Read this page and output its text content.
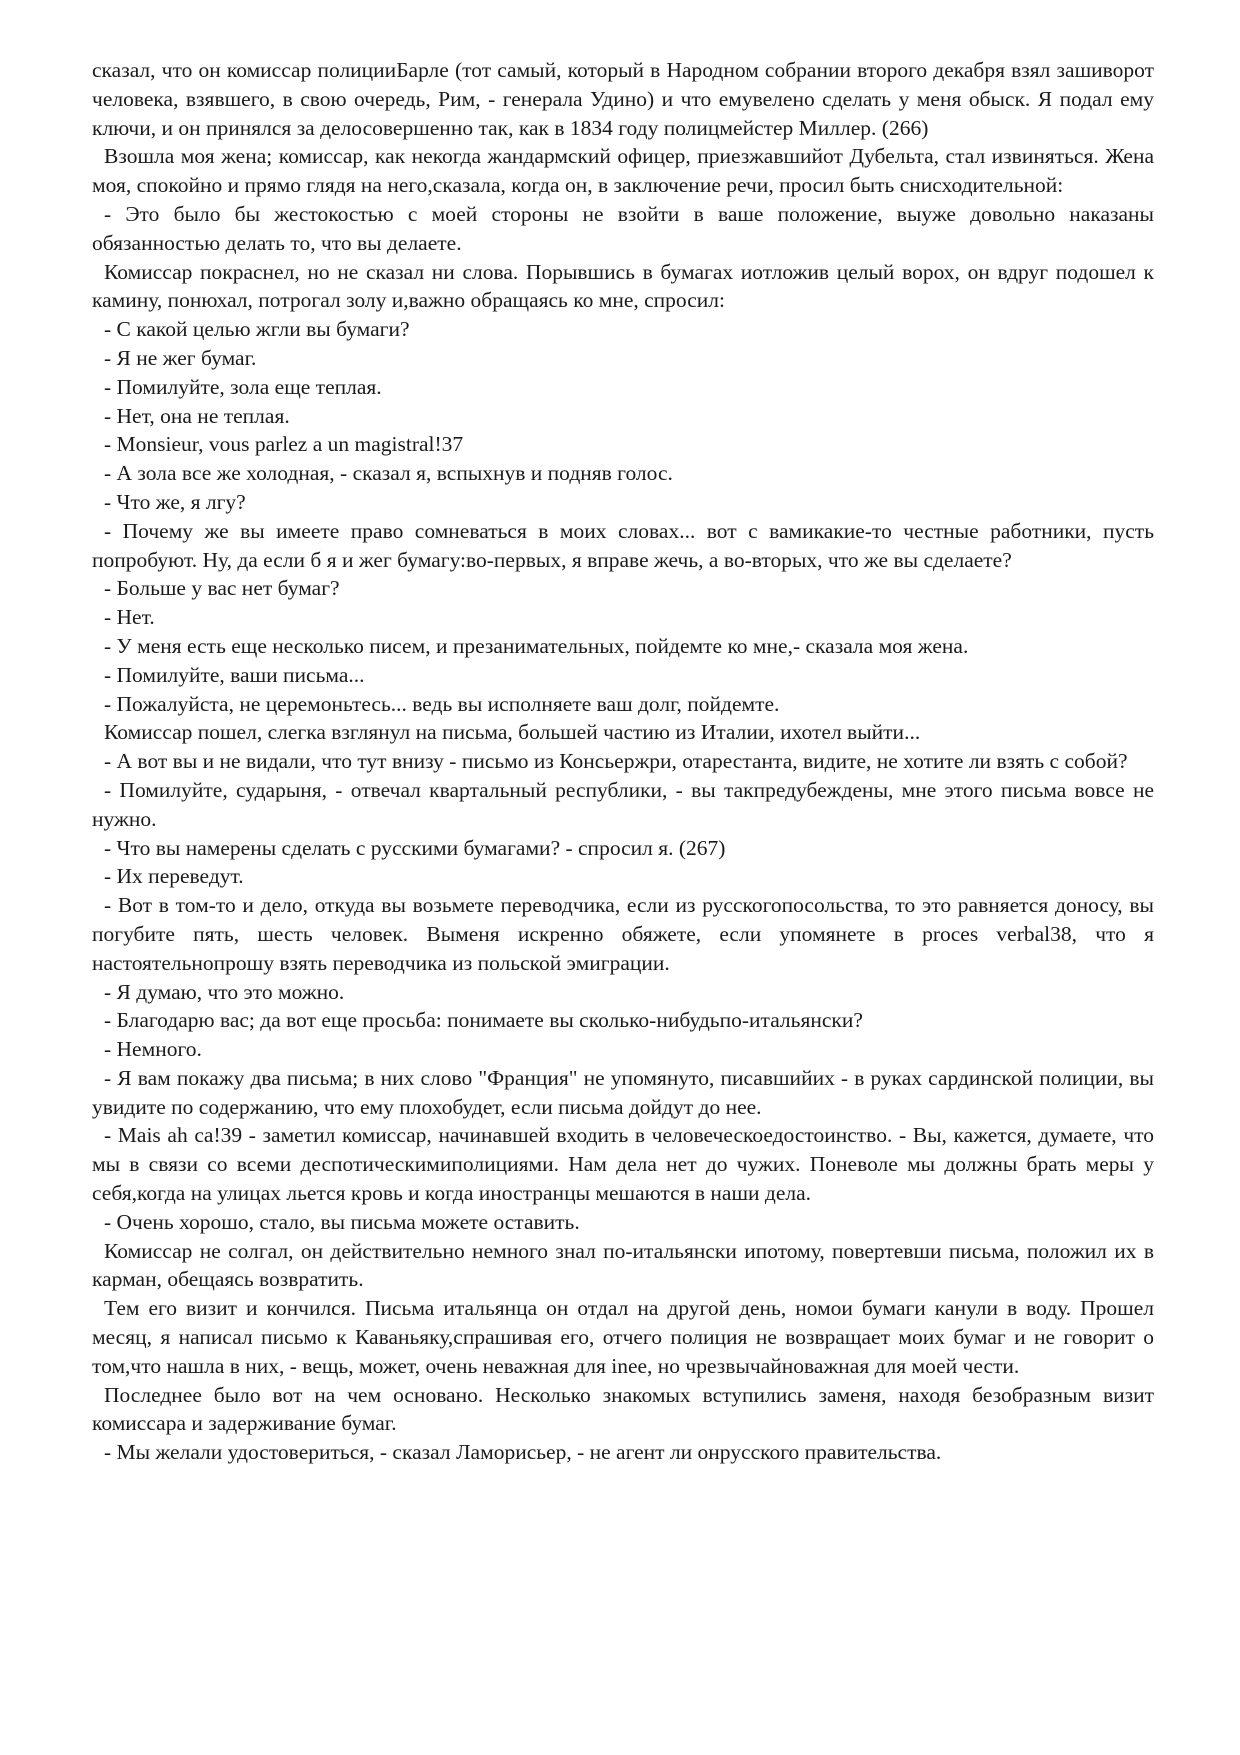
сказал, что он комиссар полицииБарле (тот самый, который в Народном собрании второго декабря взял зашиворот человека, взявшего, в свою очередь, Рим, - генерала Удино) и что емувелено сделать у меня обыск. Я подал ему ключи, и он принялся за делосовершенно так, как в 1834 году полицмейстер Миллер. (266)

Взошла моя жена; комиссар, как некогда жандармский офицер, приезжавшийот Дубельта, стал извиняться. Жена моя, спокойно и прямо глядя на него,сказала, когда он, в заключение речи, просил быть снисходительной:

- Это было бы жестокостью с моей стороны не взойти в ваше положение, выуже довольно наказаны обязанностью делать то, что вы делаете.

Комиссар покраснел, но не сказал ни слова. Порывшись в бумагах иотложив целый ворох, он вдруг подошел к камину, понюхал, потрогал золу и,важно обращаясь ко мне, спросил:

- С какой целью жгли вы бумаги?

- Я не жег бумаг.

- Помилуйте, зола еще теплая.

- Нет, она не теплая.

- Monsieur, vous parlez a un magistral!37

- А зола все же холодная, - сказал я, вспыхнув и подняв голос.

- Что же, я лгу?

- Почему же вы имеете право сомневаться в моих словах... вот с вамикакие-то честные работники, пусть попробуют. Ну, да если б я и жег бумагу:во-первых, я вправе жечь, а во-вторых, что же вы сделаете?

- Больше у вас нет бумаг?

- Нет.

- У меня есть еще несколько писем, и презанимательных, пойдемте ко мне,- сказала моя жена.

- Помилуйте, ваши письма...

- Пожалуйста, не церемоньтесь... ведь вы исполняете ваш долг, пойдемте.

Комиссар пошел, слегка взглянул на письма, большей частию из Италии, ихотел выйти...

- А вот вы и не видали, что тут внизу - письмо из Консьержри, отарестанта, видите, не хотите ли взять с собой?

- Помилуйте, сударыня, - отвечал квартальный республики, - вы такпредубеждены, мне этого письма вовсе не нужно.

- Что вы намерены сделать с русскими бумагами? - спросил я. (267)

- Их переведут.

- Вот в том-то и дело, откуда вы возьмете переводчика, если из русскогопосольства, то это равняется доносу, вы погубите пять, шесть человек. Выменя искренно обяжете, если упомянете в proces verbal38, что я настоятельнопрошу взять переводчика из польской эмиграции.

- Я думаю, что это можно.

- Благодарю вас; да вот еще просьба: понимаете вы сколько-нибудьпо-итальянски?

- Немного.

- Я вам покажу два письма; в них слово "Франция" не упомянуто, писавшийих - в руках сардинской полиции, вы увидите по содержанию, что ему плохобудет, если письма дойдут до нее.

- Mais ah ca!39 - заметил комиссар, начинавшей входить в человеческоедостоинство. - Вы, кажется, думаете, что мы в связи со всеми деспотическимиполициями. Нам дела нет до чужих. Поневоле мы должны брать меры у себя,когда на улицах льется кровь и когда иностранцы мешаются в наши дела.

- Очень хорошо, стало, вы письма можете оставить.

Комиссар не солгал, он действительно немного знал по-итальянски ипотому, повертевши письма, положил их в карман, обещаясь возвратить.

Тем его визит и кончился. Письма итальянца он отдал на другой день, номои бумаги канули в воду. Прошел месяц, я написал письмо к Каваньяку,спрашивая его, отчего полиция не возвращает моих бумаг и не говорит о том,что нашла в них, - вещь, может, очень неважная для inee, но чрезвычайноважная для моей чести.

Последнее было вот на чем основано. Несколько знакомых вступились заменя, находя безобразным визит комиссара и задерживание бумаг.

- Мы желали удостовериться, - сказал Ламорисьер, - не агент ли онрусского правительства.
